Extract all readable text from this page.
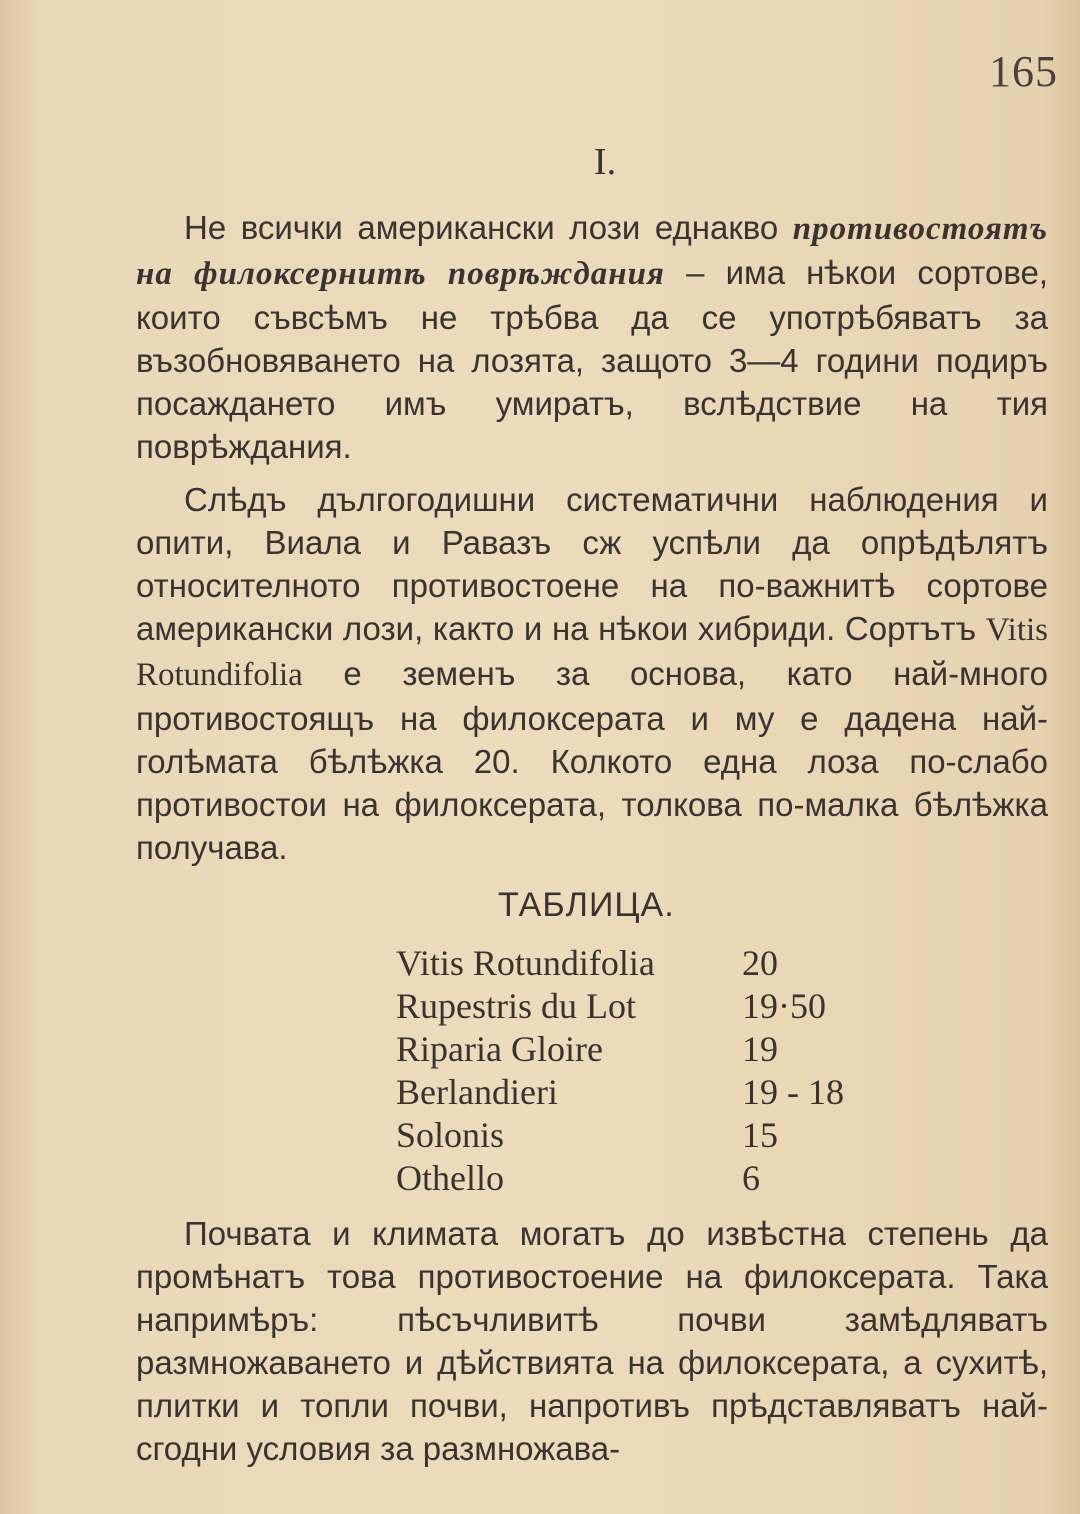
165
I.

Не всички американски лози еднакво противостоятъ на филоксернитѣ поврѣждания – има нѣкои сортове, които съвсѣмъ не трѣбва да се употрѣбяватъ за възобновяването на лозята, защото 3—4 години подиръ посаждането имъ умиратъ, вслѣдствие на тия поврѣждания.

Слѣдъ дългогодишни систематични наблюдения и опити, Виала и Равазъ сж успѣли да опрѣдѣлятъ относителното противостоене на по-важнитѣ сортове американски лози, както и на нѣкои хибриди. Сортътъ Vitis Rotundifolia е земенъ за основа, като най-много противостоящъ на филоксерата и му е дадена най-голѣмата бѣлѣжка 20. Колкото една лоза по-слабо противостои на филоксерата, толкова по-малка бѣлѣжка получава.

ТАБЛИЦА.
Vitis Rotundifolia	20
Rupestris du Lot	19·50
Riparia Gloire	19
Berlandieri	19 - 18
Solonis	15
Othello	6

Почвата и климата могатъ до извѣстна степень да промѣнатъ това противостоение на филоксерата. Така напримѣръ: пѣсъчливитѣ почви замѣдляватъ размножаването и дѣйствията на филоксерата, а сухитѣ, плитки и топли почви, напротивъ прѣдставляватъ най-сгодни условия за размножава-
